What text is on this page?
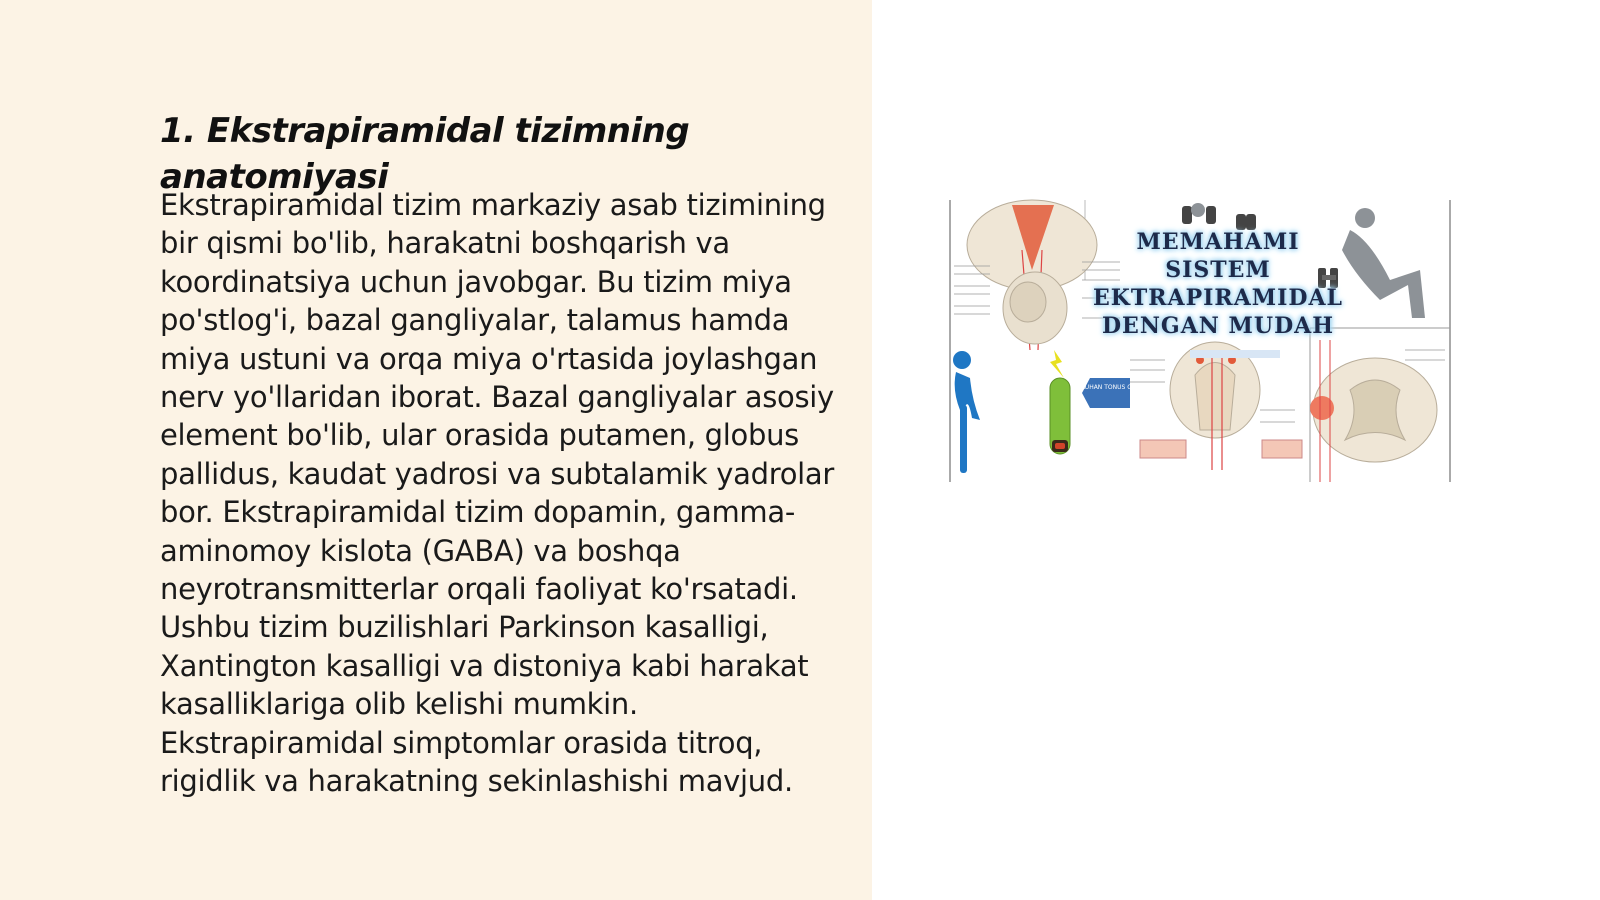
1. Ekstrapiramidal tizimning anatomiyasi

Ekstrapiramidal tizim markaziy asab tizimining bir qismi bo'lib, harakatni boshqarish va koordinatsiya uchun javobgar. Bu tizim miya po'stlog'i, bazal gangliyalar, talamus hamda miya ustuni va orqa miya o'rtasida joylashgan nerv yo'llaridan iborat. Bazal gangliyalar asosiy element bo'lib, ular orasida putamen, globus pallidus, kaudat yadrosi va subtalamik yadrolar bor. Ekstrapiramidal tizim dopamin, gamma-aminomoy kislota (GABA) va boshqa neyrotransmitterlar orqali faoliyat ko'rsatadi. Ushbu tizim buzilishlari Parkinson kasalligi, Xantington kasalligi va distoniya kabi harakat kasalliklariga olib kelishi mumkin. Ekstrapiramidal simptomlar orasida titroq, rigidlik va harakatning sekinlashishi mavjud.

MEMAHAMI SISTEM EKTRAPIRAMIDAL DENGAN MUDAH
KELUHAN TONUS OTOT
